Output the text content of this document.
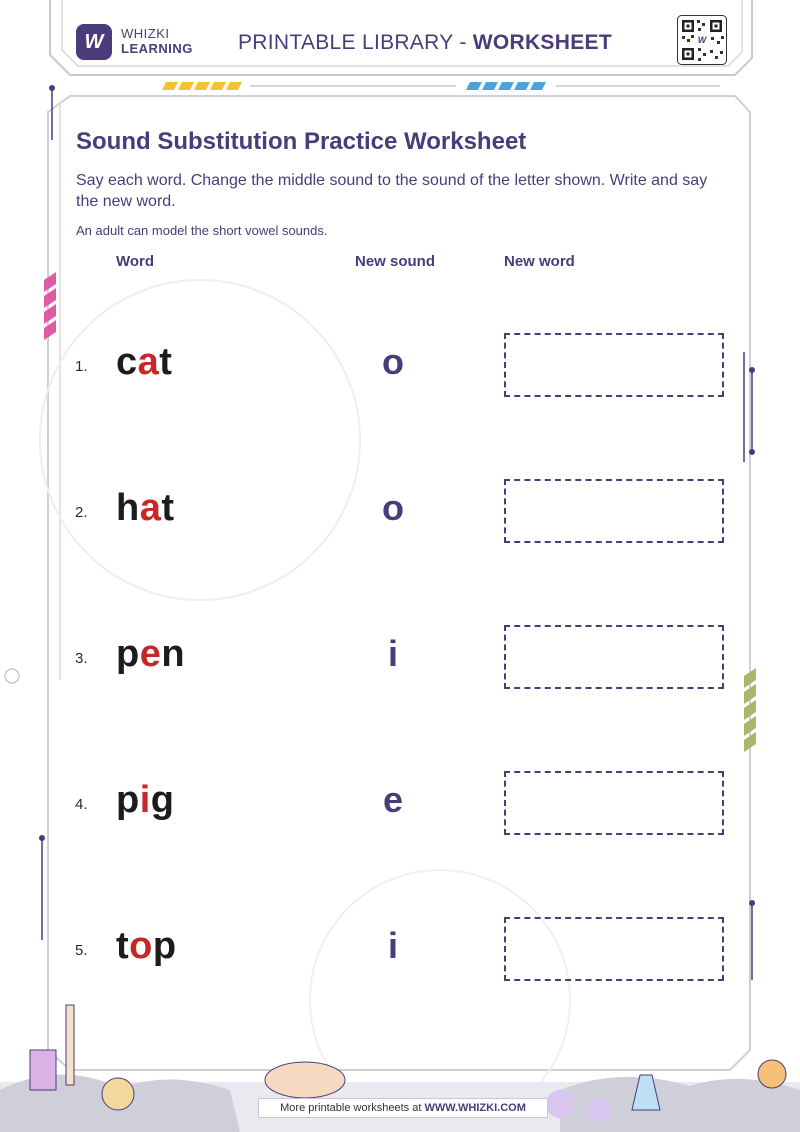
W	WHIZKI
LEARNING PRINTABLE LIBRARY - WORKSHEET	W
Sound Substitution Practice Worksheet
Say each word. Change the middle sound to the sound of the letter shown. Write and say the new word.
An adult can model the short vowel sounds.
Word	New sound	New word
1. cat	o
2. hat	o
3. pen	i
4. pig	e
5. top	i
More printable worksheets at WWW.WHIZKI.COM
